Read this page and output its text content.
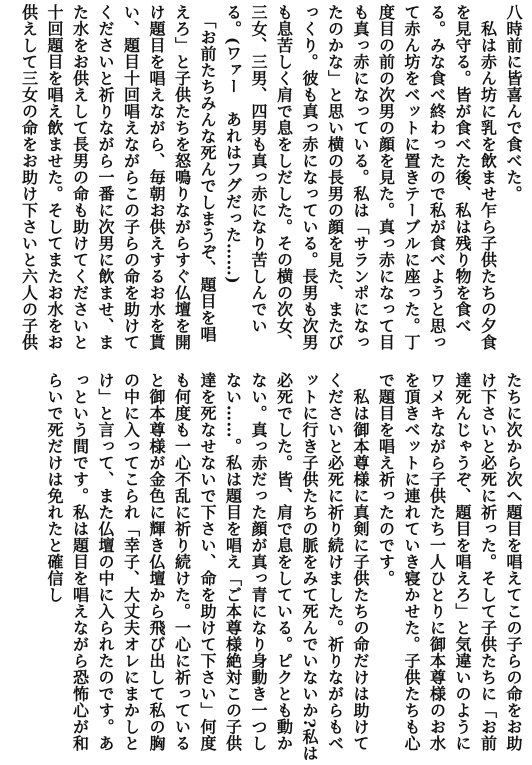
八時前に皆喜んで食べた。
　私は赤ん坊に乳を飲ませ乍ら子供たちの夕食を見守る。皆が食べた後、私は残り物を食べる。みな食べ終わったので私が食べようと思って赤ん坊をベットに置きテーブルに座った。丁度目の前の次男の顔を見た。真っ赤になって目も真っ赤になっている。私は「サランポになったのかな」と思い横の長男の顔を見た、またびっくり。彼も真っ赤になっている。長男も次男も息苦しく肩で息をしだした。その横の次女、三女、三男、四男も真っ赤になり苦しんでいる。(ワァー　あれはフグだった……)

　「お前たちみんな死んでしまうぞ、題目を唱えろ」と子供たちを怒鳴りながらすぐ仏壇を開け題目を唱えながら、毎朝お供えするお水を貰い、題目十回唱えながらこの子らの命を助けてくださいと祈りながら一番に次男に飲ませ、また水をお供えして長男の命も助けてくださいと十回題目を唱え飲ませた。そしてまたお水をお供えして三女の命をお助け下さいと六人の子供

たちに次から次へ題目を唱えてこの子らの命をお助け下さいと必死に祈った。そして子供たちに「お前達死んじゃうぞ、題目を唱えろ」と気違いのようにワメキながら子供たち一人ひとりに御本尊様のお水を頂きベットに連れていき寝かせた。子供たちも心で題目を唱え祈ったのです。

　私は御本尊様に真剣に子供たちの命だけは助けてくださいと必死に祈り続けました。祈りながらもベットに行き子供たちの脈をみて死んでいないか?私は必死でした。皆、肩で息をしている。ピクとも動かない。真っ赤だった顔が真っ青になり身動き一つしない……。私は題目を唱え「ご本尊様絶対この子供達を死なせないで下さい、命を助けて下さい」何度も何度も一心不乱に祈り続けた。一心に祈っていると御本尊様が金色に輝き仏壇から飛び出して私の胸の中に入ってこられ「幸子、大丈夫オレにまかしとけ」と言って、また仏壇の中に入られたのです。あっという間です。私は題目を唱えながら恐怖心が和らいで死だけは免れたと確信し
